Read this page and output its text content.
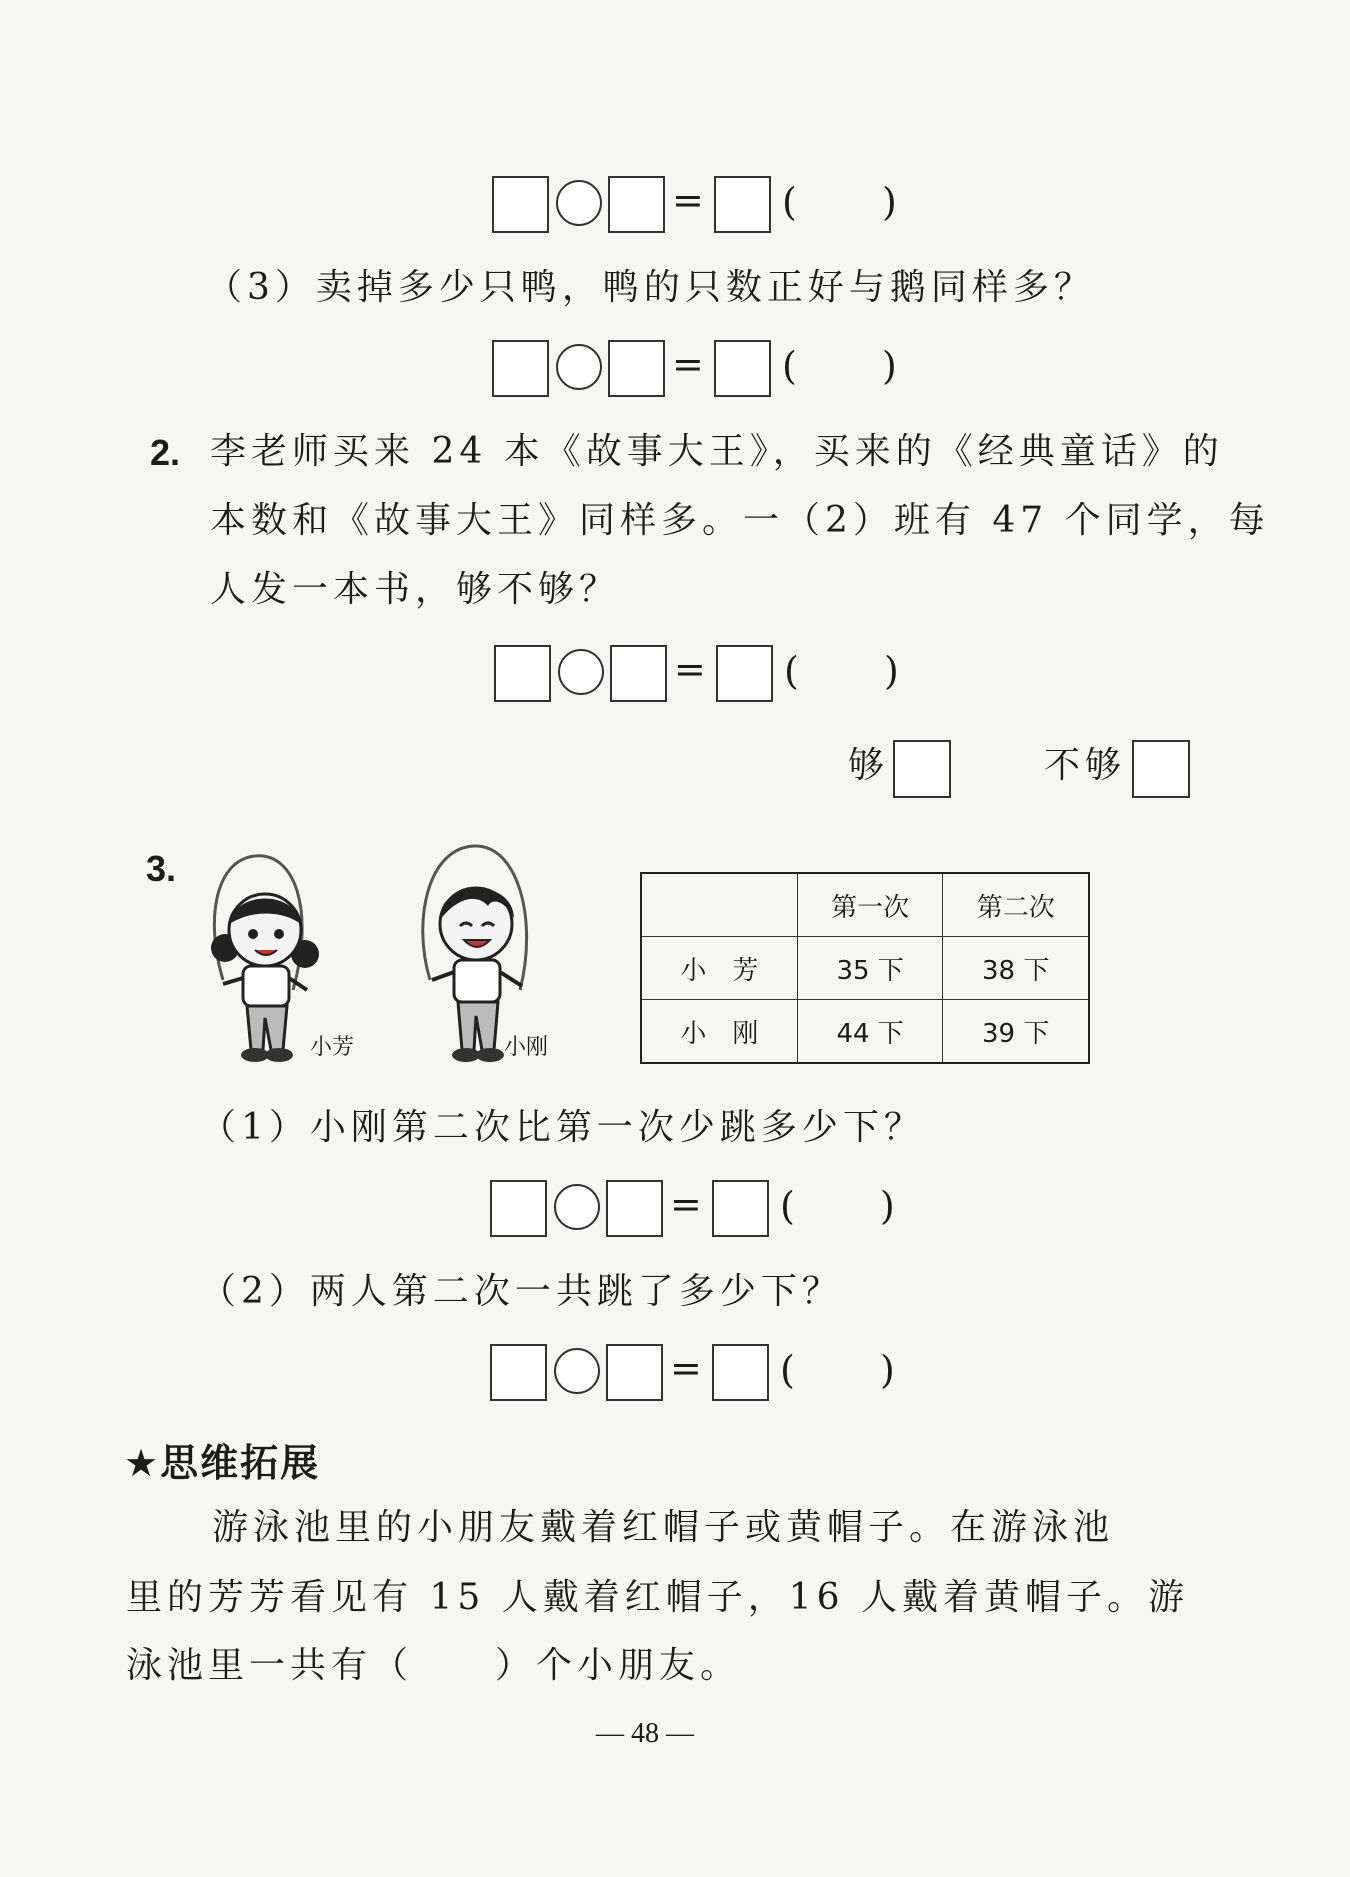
= ( )
（3）卖掉多少只鸭，鸭的只数正好与鹅同样多？
= ( )
2. 李老师买来 24 本《故事大王》，买来的《经典童话》的
本数和《故事大王》同样多。一（2）班有 47 个同学，每
人发一本书，够不够？
= ( )
够	不够
3.
小芳	小刚
	第一次	第二次
小　芳	35 下	38 下
小　刚	44 下	39 下
（1）小刚第二次比第一次少跳多少下？
= ( )
（2）两人第二次一共跳了多少下？
= ( )
★思维拓展
游泳池里的小朋友戴着红帽子或黄帽子。在游泳池
里的芳芳看见有 15 人戴着红帽子，16 人戴着黄帽子。游
泳池里一共有（　　）个小朋友。
— 48 —
